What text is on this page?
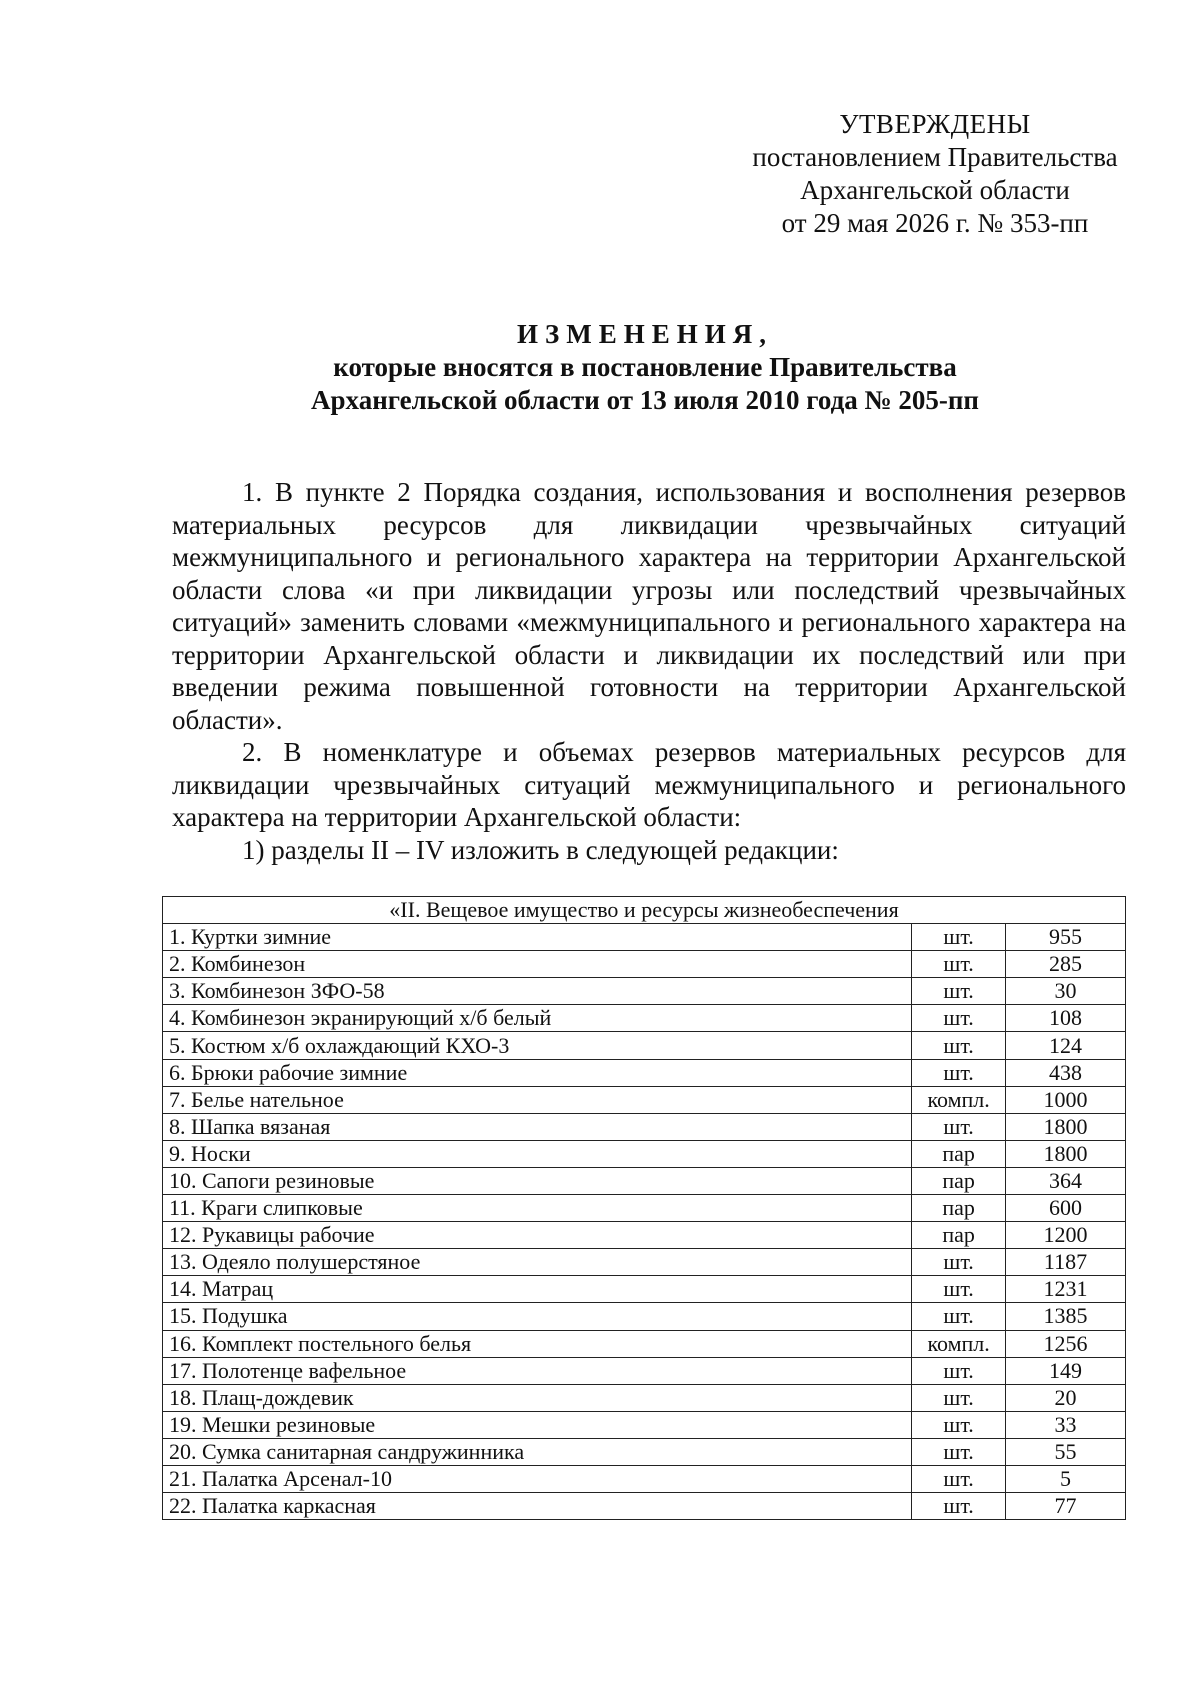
УТВЕРЖДЕНЫ
постановлением Правительства
Архангельской области
от 29 мая 2026 г. № 353-пп
ИЗМЕНЕНИЯ,
которые вносятся в постановление Правительства
Архангельской области от 13 июля 2010 года № 205-пп

1. В пункте 2 Порядка создания, использования и восполнения резервов материальных ресурсов для ликвидации чрезвычайных ситуаций межмуниципального и регионального характера на территории Архангельской области слова «и при ликвидации угрозы или последствий чрезвычайных ситуаций» заменить словами «межмуниципального и регионального характера на территории Архангельской области и ликвидации их последствий или при введении режима повышенной готовности на территории Архангельской области».

2. В номенклатуре и объемах резервов материальных ресурсов для ликвидации чрезвычайных ситуаций межмуниципального и регионального характера на территории Архангельской области:

1) разделы II – IV изложить в следующей редакции:

«II. Вещевое имущество и ресурсы жизнеобеспечения		
1. Куртки зимние	шт.	955
2. Комбинезон	шт.	285
3. Комбинезон ЗФО-58	шт.	30
4. Комбинезон экранирующий х/б белый	шт.	108
5. Костюм х/б охлаждающий КХО-3	шт.	124
6. Брюки рабочие зимние	шт.	438
7. Белье нательное	компл.	1000
8. Шапка вязаная	шт.	1800
9. Носки	пар	1800
10. Сапоги резиновые	пар	364
11. Краги слипковые	пар	600
12. Рукавицы рабочие	пар	1200
13. Одеяло полушерстяное	шт.	1187
14. Матрац	шт.	1231
15. Подушка	шт.	1385
16. Комплект постельного белья	компл.	1256
17. Полотенце вафельное	шт.	149
18. Плащ-дождевик	шт.	20
19. Мешки резиновые	шт.	33
20. Сумка санитарная сандружинника	шт.	55
21. Палатка Арсенал-10	шт.	5
22. Палатка каркасная	шт.	77
